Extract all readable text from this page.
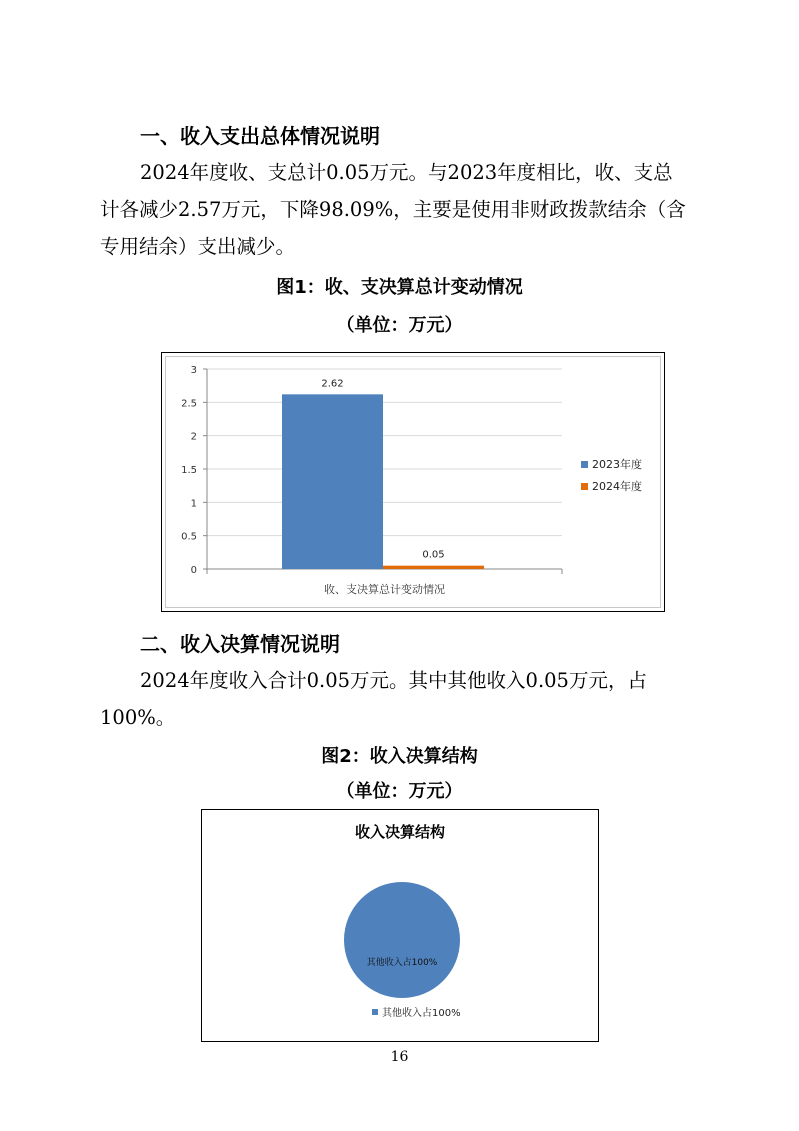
一、收入支出总体情况说明
2024年度收、支总计0.05万元。与2023年度相比，收、支总
计各减少2.57万元，下降98.09%，主要是使用非财政拨款结余（含
专用结余）支出减少。
图1：收、支决算总计变动情况
（单位：万元）
0
0.5
1
1.5
2
2.5
3
2.62
0.05
收、支决算总计变动情况
2023年度
2024年度
二、收入决算情况说明
2024年度收入合计0.05万元。其中其他收入0.05万元，占
100%。
图2：收入决算结构
（单位：万元）
收入决算结构
其他收入占100%
其他收入占100%
16
